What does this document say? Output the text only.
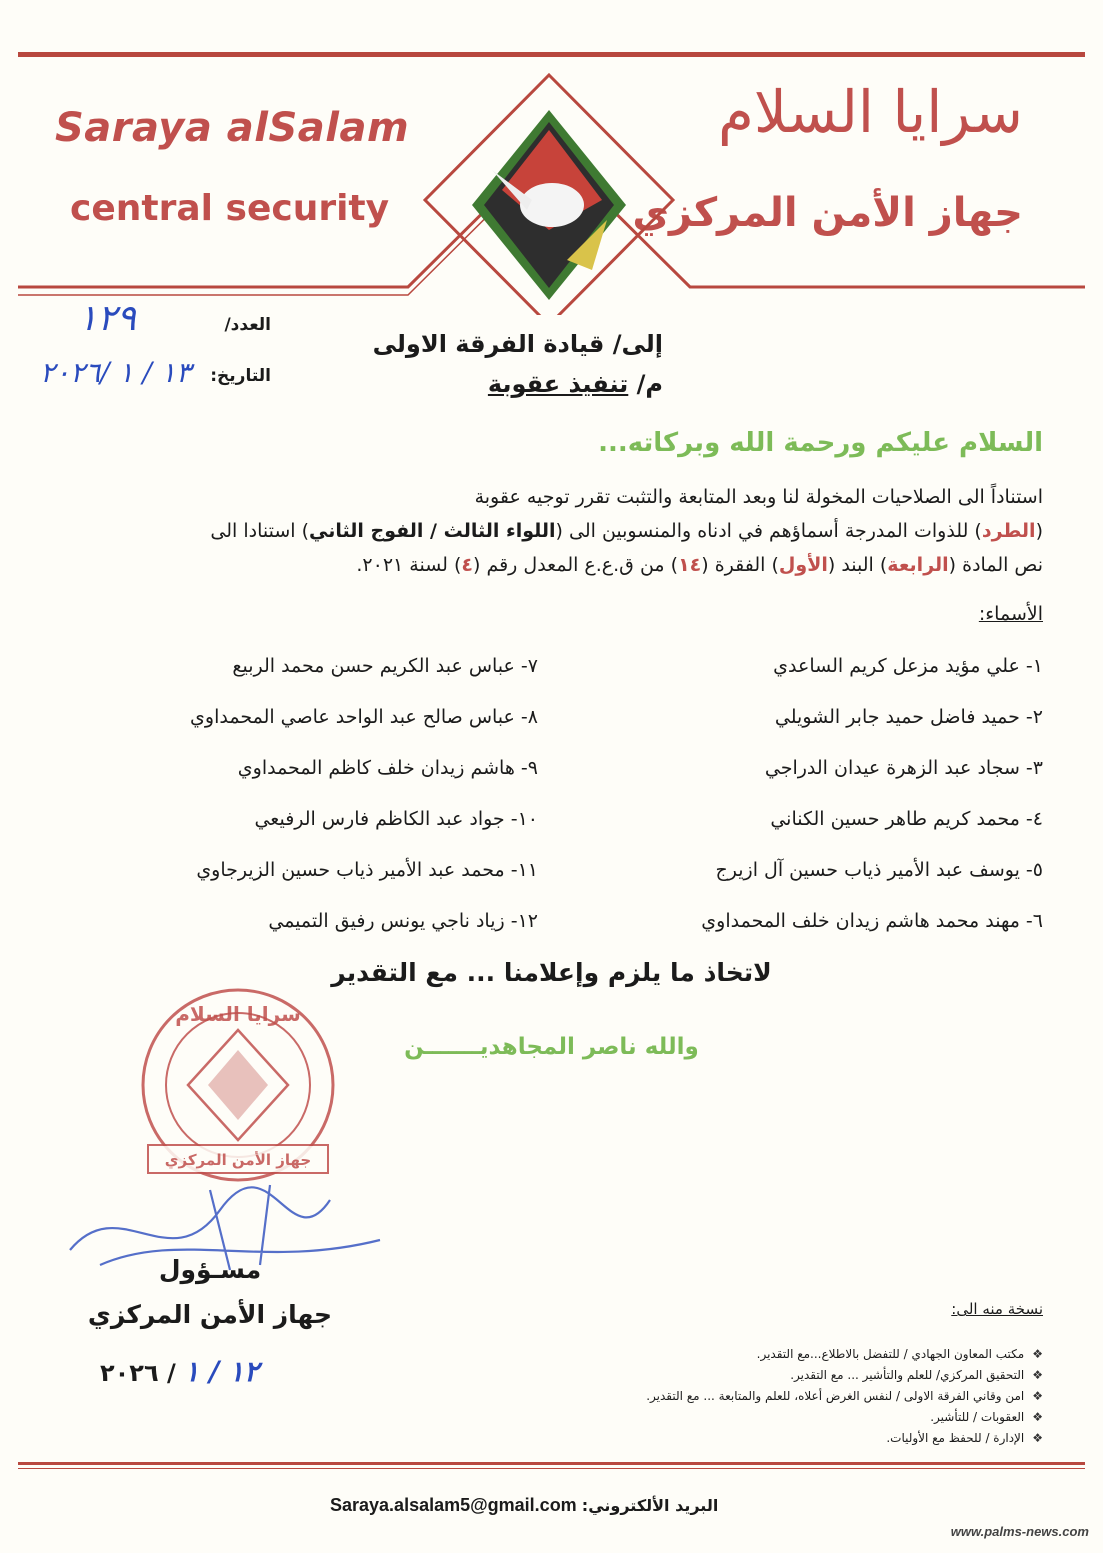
Saraya alSalam
central security
سرايا السلام
جهاز الأمن المركزي
العدد/
١٢٩
التاريخ:
١٣ / ١ /٢٠٢٦
إلى/ قيادة الفرقة الاولى
م/ تنفيذ عقوبة
السلام عليكم ورحمة الله وبركاته...
استناداً الى الصلاحيات المخولة لنا وبعد المتابعة والتثبت تقرر توجيه عقوبة
(الطرد) للذوات المدرجة أسماؤهم في ادناه والمنسوبين الى (اللواء الثالث / الفوج الثاني) استنادا الى
نص المادة (الرابعة) البند (الأول) الفقرة (١٤) من ق.ع.ع المعدل رقم (٤) لسنة ٢٠٢١.
الأسماء:
١- علي مؤيد مزعل كريم الساعدي
٢- حميد فاضل حميد جابر الشويلي
٣- سجاد عبد الزهرة عيدان الدراجي
٤- محمد كريم طاهر حسين الكناني
٥- يوسف عبد الأمير ذياب حسين آل ازيرج
٦- مهند محمد هاشم زيدان خلف المحمداوي
٧- عباس عبد الكريم حسن محمد الربيع
٨- عباس صالح عبد الواحد عاصي المحمداوي
٩- هاشم زيدان خلف كاظم المحمداوي
١٠- جواد عبد الكاظم فارس الرفيعي
١١- محمد عبد الأمير ذياب حسين الزيرجاوي
١٢- زياد ناجي يونس رفيق التميمي
لاتخاذ ما يلزم وإعلامنا ... مع التقدير
والله ناصر المجاهديـــــــن
سرايا السلام
جهاز الأمن المركزي
مسـؤول
جهاز الأمن المركزي
١٢ / ١ / ٢٠٢٦
نسخة منه الى:
❖مكتب المعاون الجهادي / للتفضل بالاطلاع...مع التقدير.
❖التحقيق المركزي/ للعلم والتأشير ... مع التقدير.
❖امن وقاني الفرقة الاولى / لنفس الغرض أعلاه، للعلم والمتابعة ... مع التقدير.
❖العقوبات / للتأشير.
❖الإدارة / للحفظ مع الأوليات.
البريد الألكتروني: Saraya.alsalam5@gmail.com
www.palms-news.com
